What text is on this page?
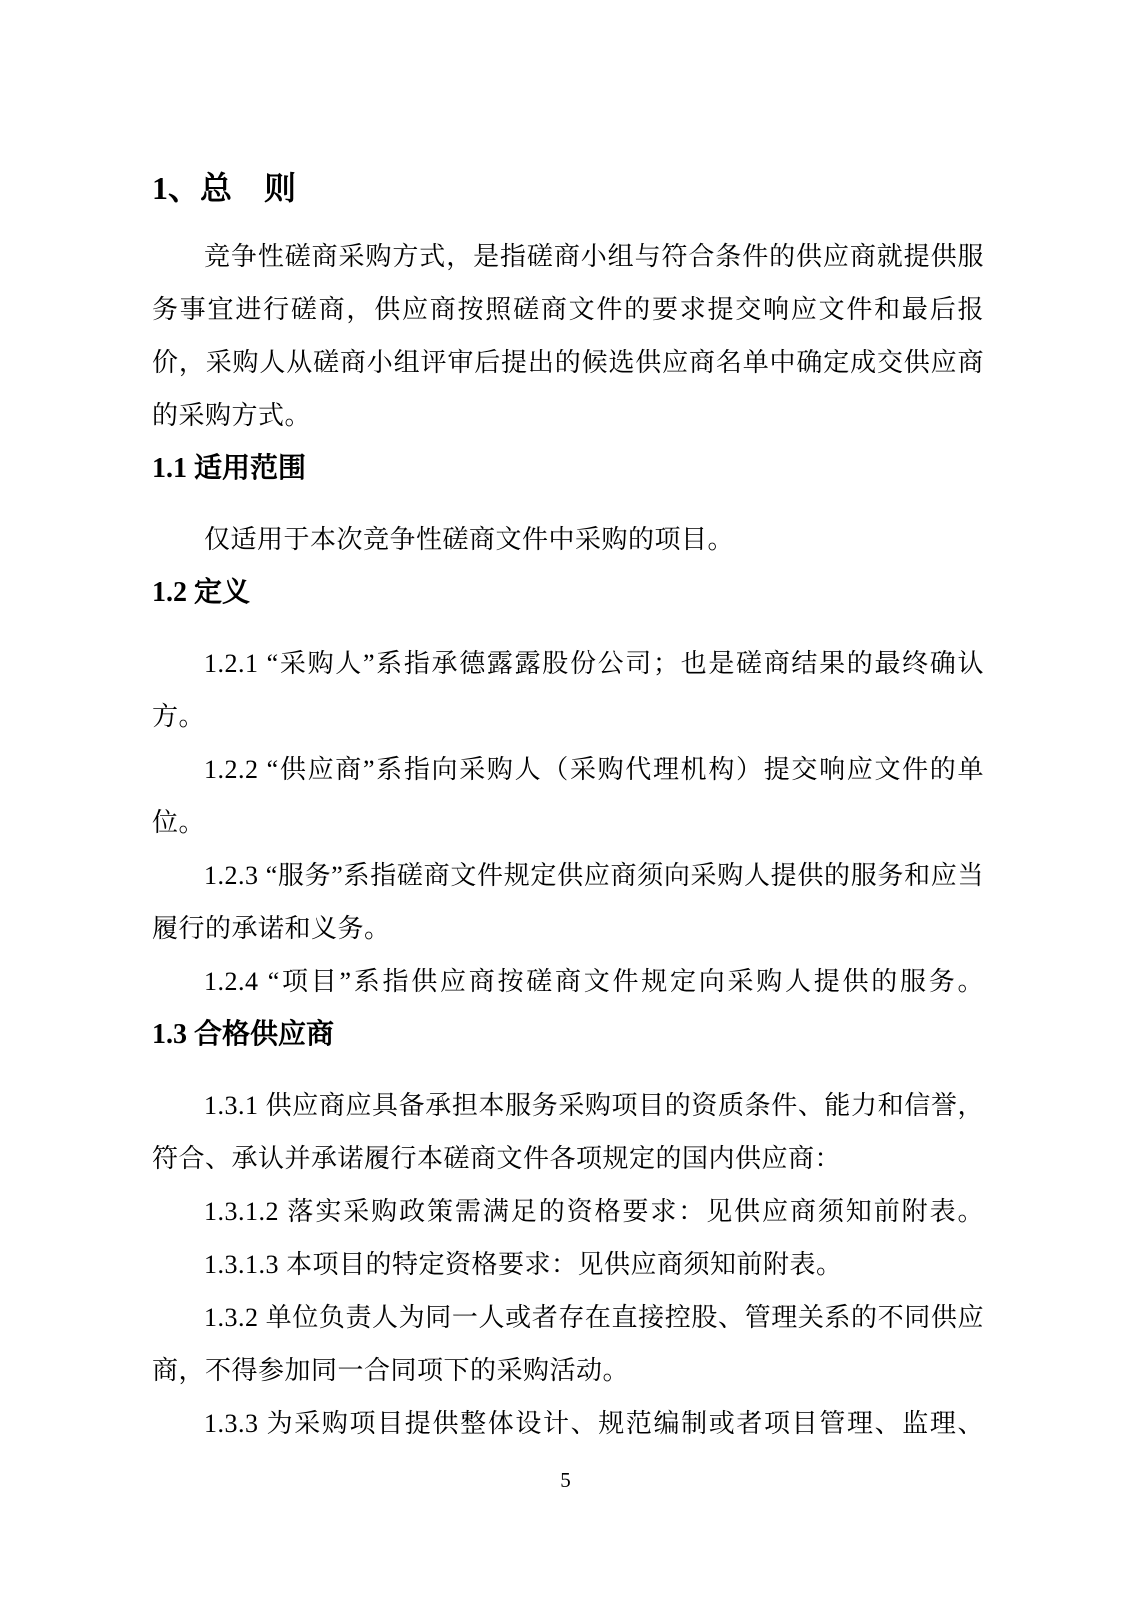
1、总　则

竞争性磋商采购方式，是指磋商小组与符合条件的供应商就提供服务事宜进行磋商，供应商按照磋商文件的要求提交响应文件和最后报价，采购人从磋商小组评审后提出的候选供应商名单中确定成交供应商的采购方式。

1.1 适用范围

仅适用于本次竞争性磋商文件中采购的项目。

1.2 定义

1.2.1 “采购人”系指承德露露股份公司；也是磋商结果的最终确认方。

1.2.2 “供应商”系指向采购人（采购代理机构）提交响应文件的单位。

1.2.3 “服务”系指磋商文件规定供应商须向采购人提供的服务和应当履行的承诺和义务。

1.2.4 “项目”系指供应商按磋商文件规定向采购人提供的服务。

1.3 合格供应商

1.3.1 供应商应具备承担本服务采购项目的资质条件、能力和信誉，符合、承认并承诺履行本磋商文件各项规定的国内供应商：

1.3.1.2 落实采购政策需满足的资格要求：见供应商须知前附表。

1.3.1.3 本项目的特定资格要求：见供应商须知前附表。

1.3.2 单位负责人为同一人或者存在直接控股、管理关系的不同供应商，不得参加同一合同项下的采购活动。

1.3.3 为采购项目提供整体设计、规范编制或者项目管理、监理、

5
